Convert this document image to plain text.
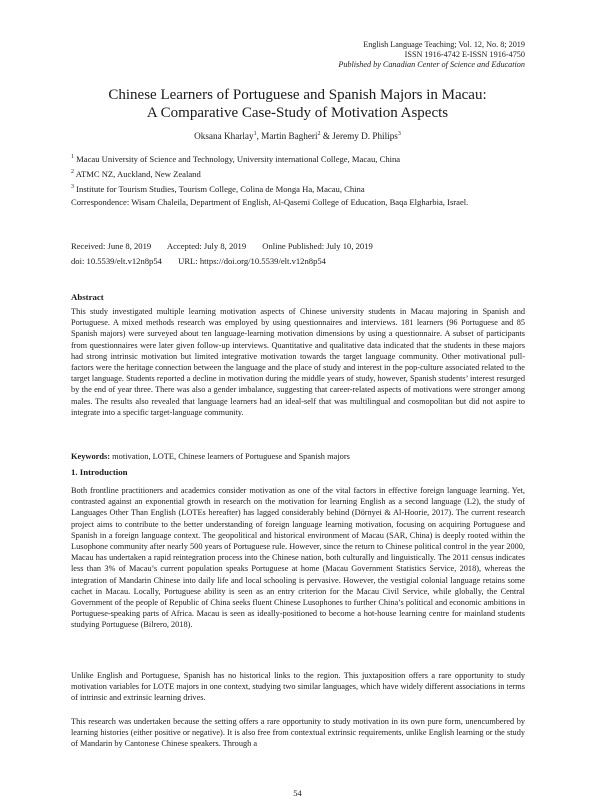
English Language Teaching; Vol. 12, No. 8; 2019
ISSN 1916-4742 E-ISSN 1916-4750
Published by Canadian Center of Science and Education
Chinese Learners of Portuguese and Spanish Majors in Macau:
A Comparative Case-Study of Motivation Aspects
Oksana Kharlay$^1$, Martin Bagheri$^2$ & Jeremy D. Philips$^3$
$^1$ Macau University of Science and Technology, University international College, Macau, China
$^2$ ATMC NZ, Auckland, New Zealand
$^3$ Institute for Tourism Studies, Tourism College, Colina de Monga Ha, Macau, China
Correspondence: Wisam Chaleila, Department of English, Al-Qasemi College of Education, Baqa Elgharbia, Israel.
Received: June 8, 2019 Accepted: July 8, 2019 Online Published: July 10, 2019
doi: 10.5539/elt.v12n8p54 URL: https://doi.org/10.5539/elt.v12n8p54
Abstract
This study investigated multiple learning motivation aspects of Chinese university students in Macau majoring in Spanish and Portuguese. A mixed methods research was employed by using questionnaires and interviews. 181 learners (96 Portuguese and 85 Spanish majors) were surveyed about ten language-learning motivation dimensions by using a questionnaire. A subset of participants from questionnaires were later given follow-up interviews. Quantitative and qualitative data indicated that the students in these majors had strong intrinsic motivation but limited integrative motivation towards the target language community. Other motivational pull-factors were the heritage connection between the language and the place of study and interest in the pop-culture associated related to the target language. Students reported a decline in motivation during the middle years of study, however, Spanish students’ interest resurged by the end of year three. There was also a gender imbalance, suggesting that career-related aspects of motivations were stronger among males. The results also revealed that language learners had an ideal-self that was multilingual and cosmopolitan but did not aspire to integrate into a specific target-language community.
Keywords: motivation, LOTE, Chinese learners of Portuguese and Spanish majors
1. Introduction
Both frontline practitioners and academics consider motivation as one of the vital factors in effective foreign language learning. Yet, contrasted against an exponential growth in research on the motivation for learning English as a second language (L2), the study of Languages Other Than English (LOTEs hereafter) has lagged considerably behind (Dörnyei & Al-Hoorie, 2017). The current research project aims to contribute to the better understanding of foreign language learning motivation, focusing on acquiring Portuguese and Spanish in a foreign language context. The geopolitical and historical environment of Macau (SAR, China) is deeply rooted within the Lusophone community after nearly 500 years of Portuguese rule. However, since the return to Chinese political control in the year 2000, Macau has undertaken a rapid reintegration process into the Chinese nation, both culturally and linguistically. The 2011 census indicates less than 3% of Macau’s current population speaks Portuguese at home (Macau Government Statistics Service, 2018), whereas the integration of Mandarin Chinese into daily life and local schooling is pervasive. However, the vestigial colonial language retains some cachet in Macau. Locally, Portuguese ability is seen as an entry criterion for the Macau Civil Service, while globally, the Central Government of the people of Republic of China seeks fluent Chinese Lusophones to further China’s political and economic ambitions in Portuguese-speaking parts of Africa. Macau is seen as ideally-positioned to become a hot-house learning centre for mainland students studying Portuguese (Bilrero, 2018).
Unlike English and Portuguese, Spanish has no historical links to the region. This juxtaposition offers a rare opportunity to study motivation variables for LOTE majors in one context, studying two similar languages, which have widely different associations in terms of intrinsic and extrinsic learning drives.
This research was undertaken because the setting offers a rare opportunity to study motivation in its own pure form, unencumbered by learning histories (either positive or negative). It is also free from contextual extrinsic requirements, unlike English learning or the study of Mandarin by Cantonese Chinese speakers. Through a
54
